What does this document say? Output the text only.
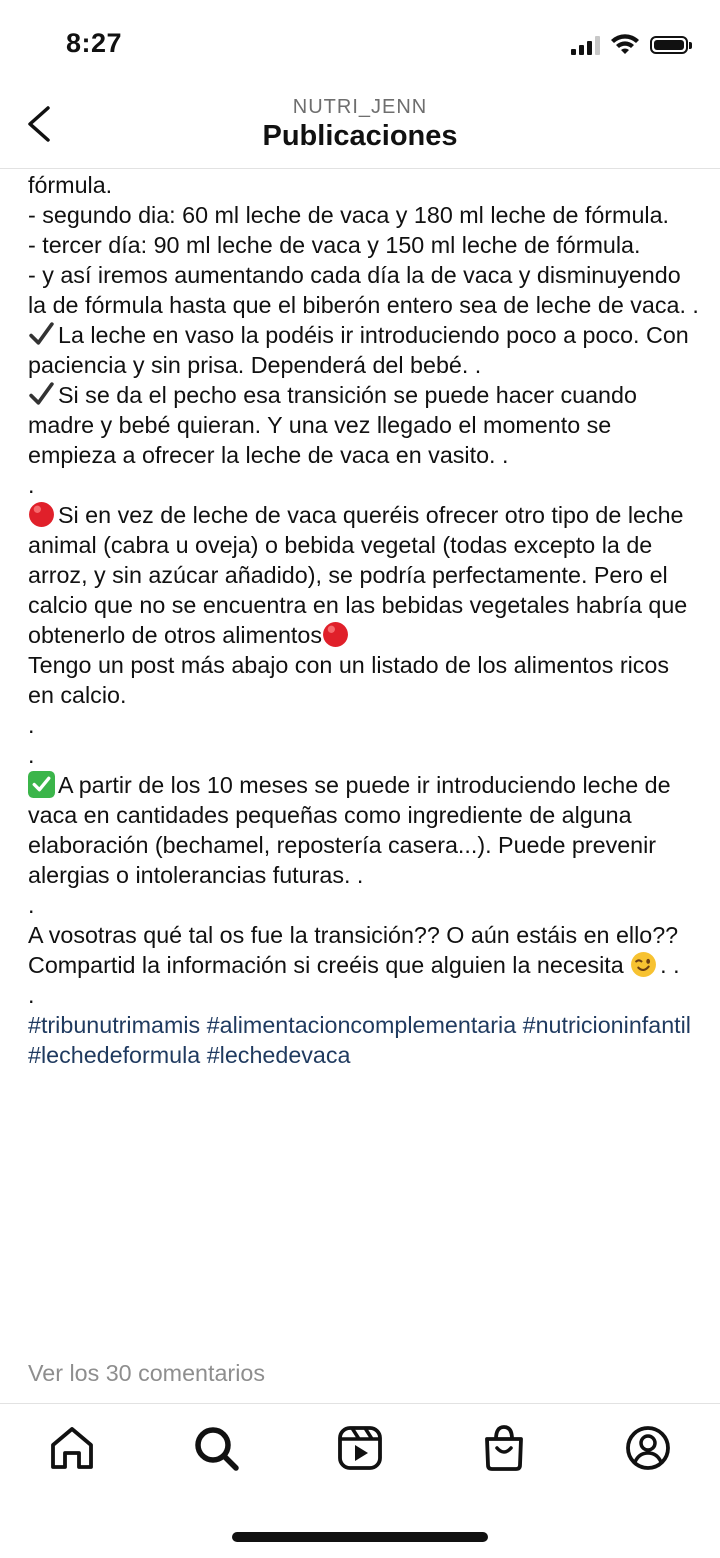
8:27
NUTRI_JENN
Publicaciones

fórmula.

- segundo dia: 60 ml leche de vaca y 180 ml leche de fórmula.

- tercer día: 90 ml leche de vaca y 150 ml leche de fórmula.

- y así iremos aumentando cada día la de vaca y disminuyendo la de fórmula hasta que el biberón entero sea de leche de vaca. .

La leche en vaso la podéis ir introduciendo poco a poco. Con paciencia y sin prisa. Dependerá del bebé. .

Si se da el pecho esa transición se puede hacer cuando madre y bebé quieran. Y una vez llegado el momento se empieza a ofrecer la leche de vaca en vasito. .

.

Si en vez de leche de vaca queréis ofrecer otro tipo de leche animal (cabra u oveja) o bebida vegetal (todas excepto la de arroz, y sin azúcar añadido), se podría perfectamente. Pero el calcio que no se encuentra en las bebidas vegetales habría que obtenerlo de otros alimentos

Tengo un post más abajo con un listado de los alimentos ricos en calcio.

.

.

A partir de los 10 meses se puede ir introduciendo leche de vaca en cantidades pequeñas como ingrediente de alguna elaboración (bechamel, repostería casera...). Puede prevenir alergias o intolerancias futuras. .

.

A vosotras qué tal os fue la transición?? O aún estáis en ello??

Compartid la información si creéis que alguien la necesita . .

.

#tribunutrimamis #alimentacioncomplementaria #nutricioninfantil #lechedeformula #lechedevaca

Ver los 30 comentarios
